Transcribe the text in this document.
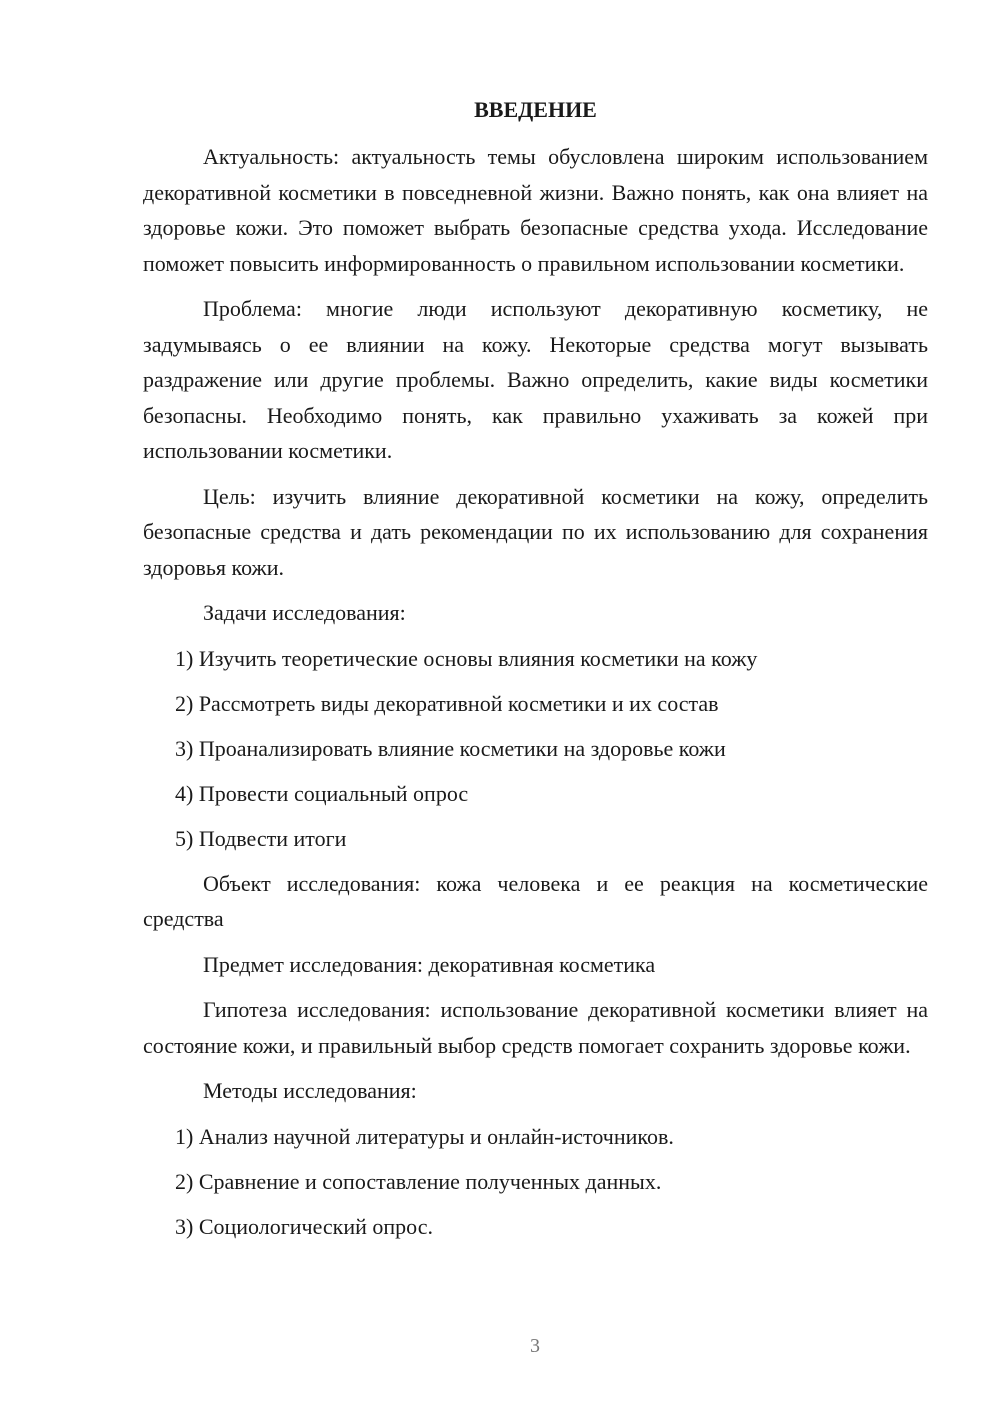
ВВЕДЕНИЕ

Актуальность: актуальность темы обусловлена широким использованием декоративной косметики в повседневной жизни. Важно понять, как она влияет на здоровье кожи. Это поможет выбрать безопасные средства ухода. Исследование поможет повысить информированность о правильном использовании косметики.

Проблема: многие люди используют декоративную косметику, не задумываясь о ее влиянии на кожу. Некоторые средства могут вызывать раздражение или другие проблемы. Важно определить, какие виды косметики безопасны. Необходимо понять, как правильно ухаживать за кожей при использовании косметики.

Цель: изучить влияние декоративной косметики на кожу, определить безопасные средства и дать рекомендации по их использованию для сохранения здоровья кожи.

Задачи исследования:

1) Изучить теоретические основы влияния косметики на кожу

2) Рассмотреть виды декоративной косметики и их состав

3) Проанализировать влияние косметики на здоровье кожи

4) Провести социальный опрос

5) Подвести итоги

Объект исследования: кожа человека и ее реакция на косметические средства

Предмет исследования: декоративная косметика

Гипотеза исследования: использование декоративной косметики влияет на состояние кожи, и правильный выбор средств помогает сохранить здоровье кожи.

Методы исследования:

1) Анализ научной литературы и онлайн-источников.

2) Сравнение и сопоставление полученных данных.

3) Социологический опрос.

3
